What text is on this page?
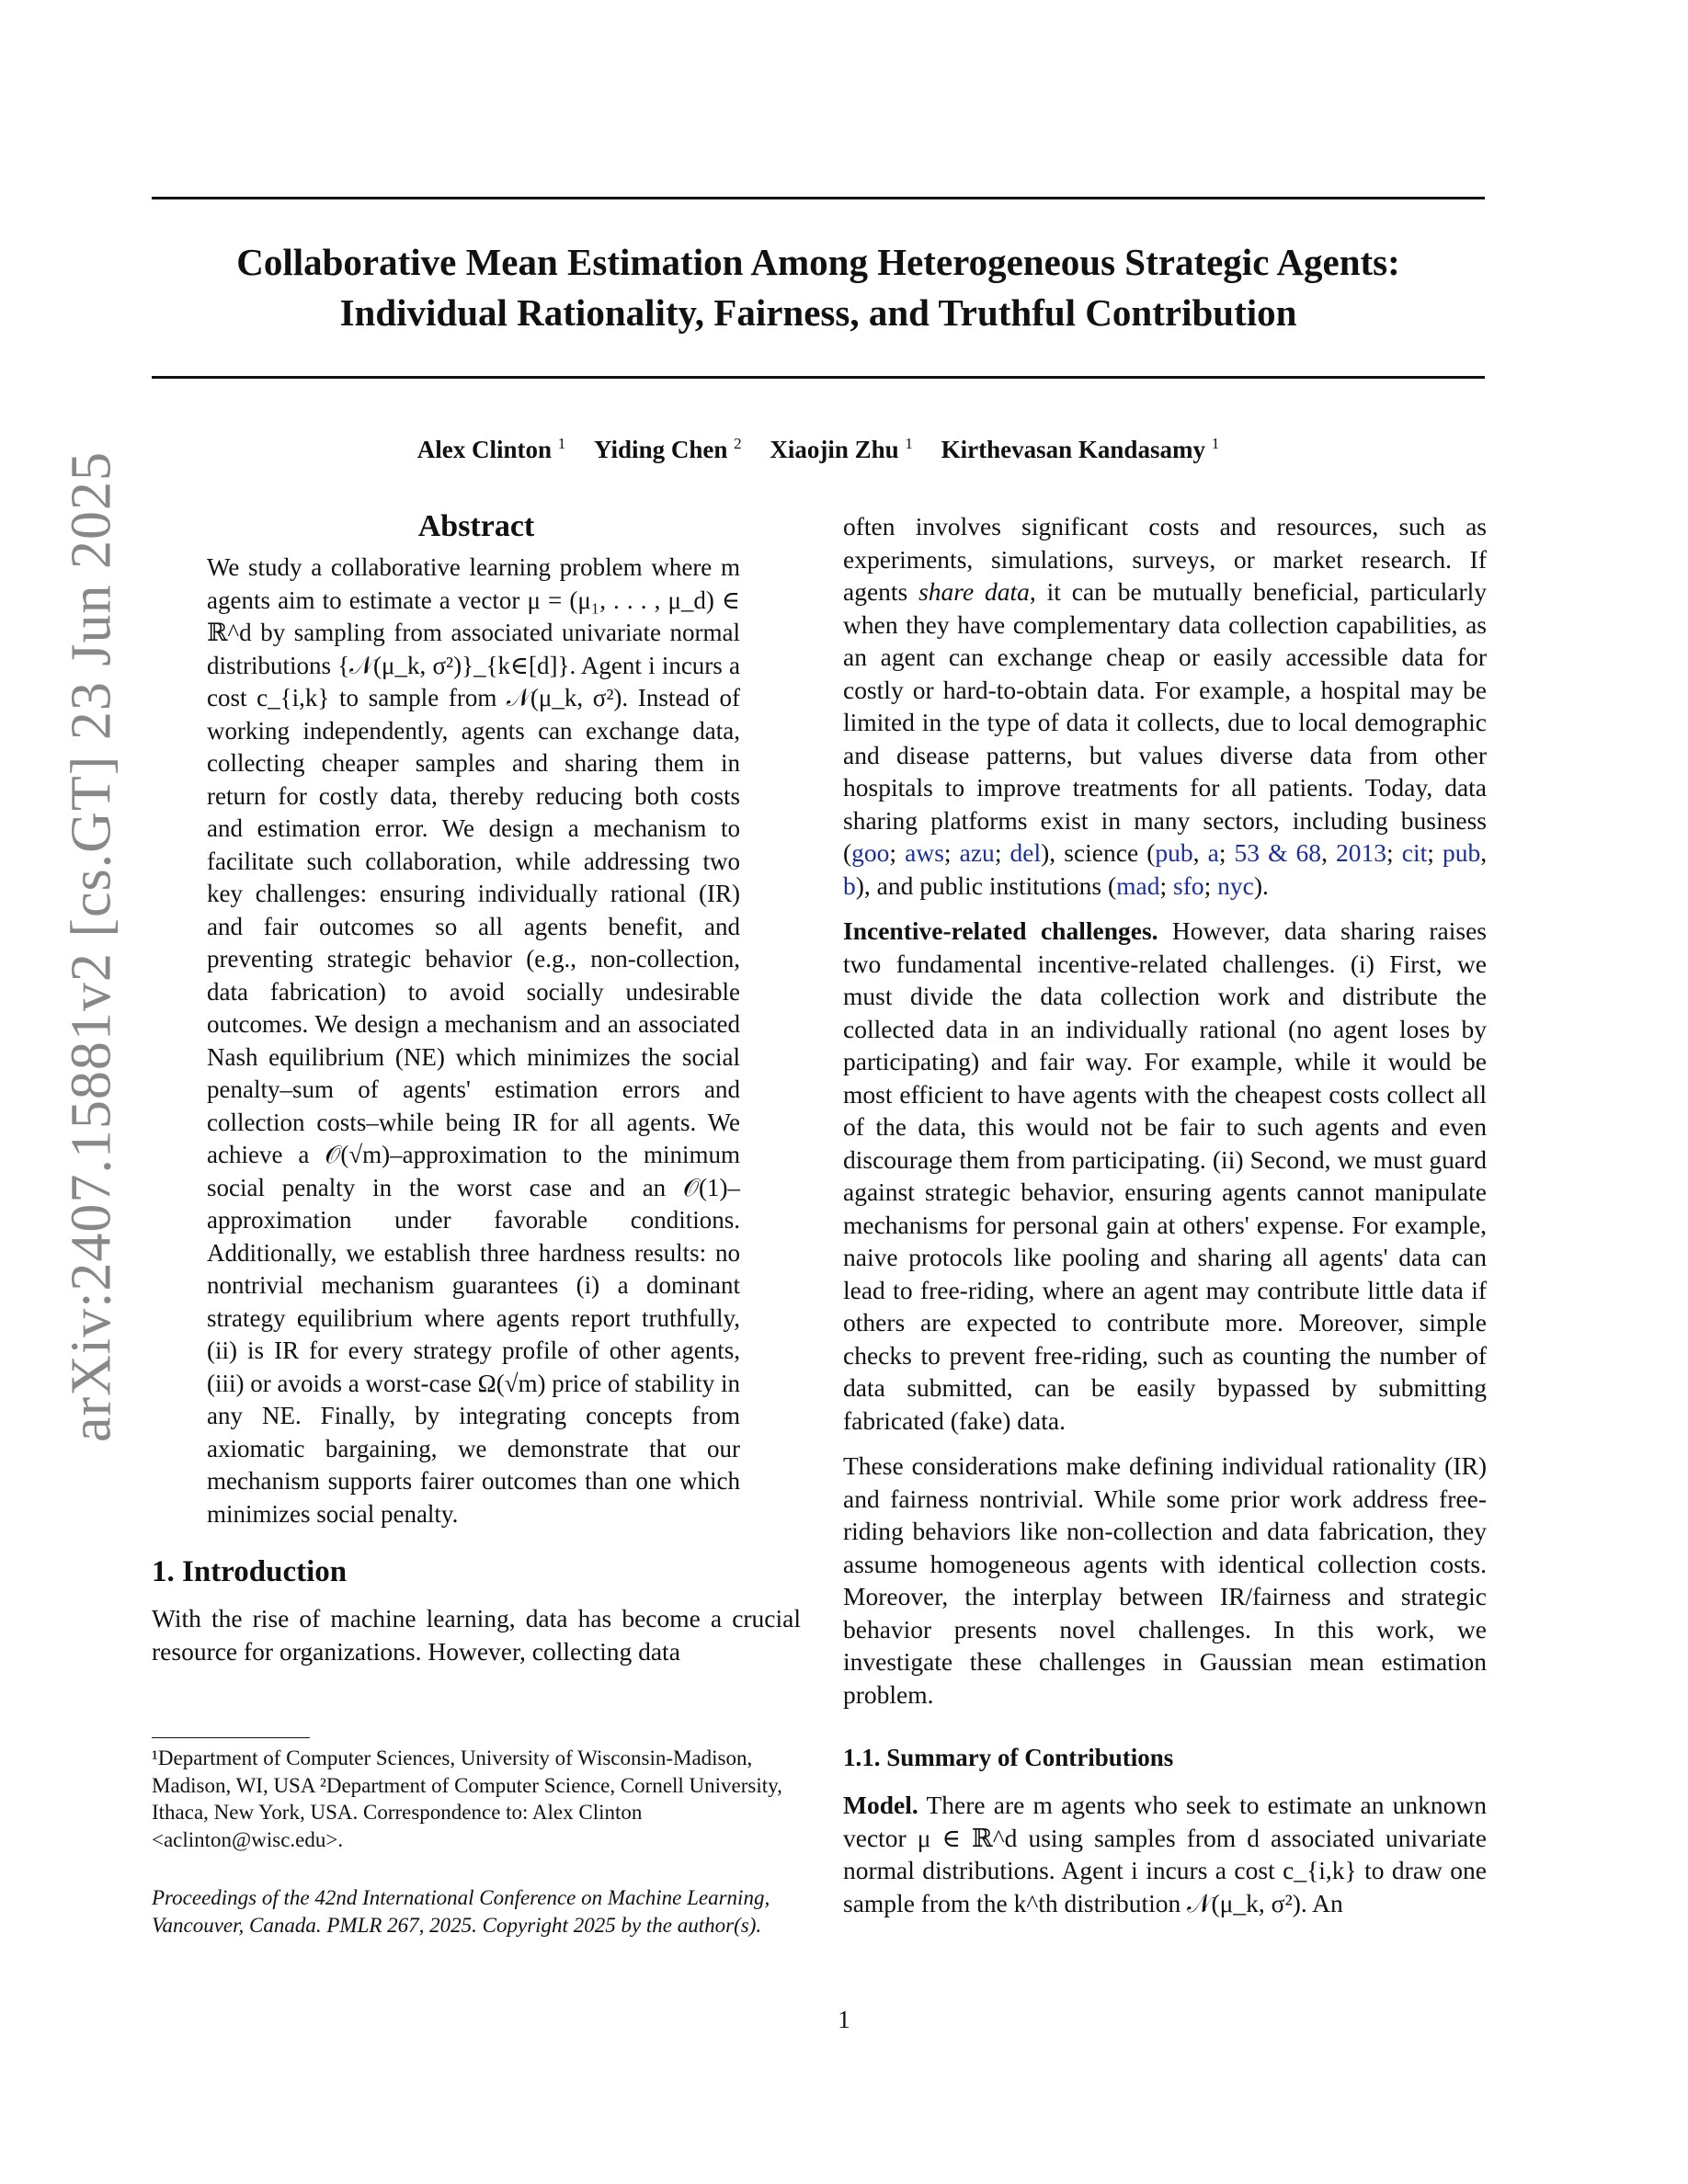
Collaborative Mean Estimation Among Heterogeneous Strategic Agents:
Individual Rationality, Fairness, and Truthful Contribution
Alex Clinton $^1$ Yiding Chen $^2$ Xiaojin Zhu $^1$ Kirthevasan Kandasamy $^1$
arXiv:2407.15881v2 [cs.GT] 23 Jun 2025	Abstract

We study a collaborative learning problem where m agents aim to estimate a vector μ = (μ₁, . . . , μ_d) ∈ ℝ^d by sampling from associated univariate normal distributions {𝒩(μ_k, σ²)}_{k∈[d]}. Agent i incurs a cost c_{i,k} to sample from 𝒩(μ_k, σ²). Instead of working independently, agents can exchange data, collecting cheaper samples and sharing them in return for costly data, thereby reducing both costs and estimation error. We design a mechanism to facilitate such collaboration, while addressing two key challenges: ensuring individually rational (IR) and fair outcomes so all agents benefit, and preventing strategic behavior (e.g., non-collection, data fabrication) to avoid socially undesirable outcomes. We design a mechanism and an associated Nash equilibrium (NE) which minimizes the social penalty–sum of agents' estimation errors and collection costs–while being IR for all agents. We achieve a 𝒪(√m)–approximation to the minimum social penalty in the worst case and an 𝒪(1)–approximation under favorable conditions. Additionally, we establish three hardness results: no nontrivial mechanism guarantees (i) a dominant strategy equilibrium where agents report truthfully, (ii) is IR for every strategy profile of other agents, (iii) or avoids a worst-case Ω(√m) price of stability in any NE. Finally, by integrating concepts from axiomatic bargaining, we demonstrate that our mechanism supports fairer outcomes than one which minimizes social penalty.

1. Introduction

With the rise of machine learning, data has become a crucial resource for organizations. However, collecting data

often involves significant costs and resources, such as experiments, simulations, surveys, or market research. If agents share data, it can be mutually beneficial, particularly when they have complementary data collection capabilities, as an agent can exchange cheap or easily accessible data for costly or hard-to-obtain data. For example, a hospital may be limited in the type of data it collects, due to local demographic and disease patterns, but values diverse data from other hospitals to improve treatments for all patients. Today, data sharing platforms exist in many sectors, including business (goo; aws; azu; del), science (pub, a; 53 & 68, 2013; cit; pub, b), and public institutions (mad; sfo; nyc).

Incentive-related challenges. However, data sharing raises two fundamental incentive-related challenges. (i) First, we must divide the data collection work and distribute the collected data in an individually rational (no agent loses by participating) and fair way. For example, while it would be most efficient to have agents with the cheapest costs collect all of the data, this would not be fair to such agents and even discourage them from participating. (ii) Second, we must guard against strategic behavior, ensuring agents cannot manipulate mechanisms for personal gain at others' expense. For example, naive protocols like pooling and sharing all agents' data can lead to free-riding, where an agent may contribute little data if others are expected to contribute more. Moreover, simple checks to prevent free-riding, such as counting the number of data submitted, can be easily bypassed by submitting fabricated (fake) data.

These considerations make defining individual rationality (IR) and fairness nontrivial. While some prior work address free-riding behaviors like non-collection and data fabrication, they assume homogeneous agents with identical collection costs. Moreover, the interplay between IR/fairness and strategic behavior presents novel challenges. In this work, we investigate these challenges in Gaussian mean estimation problem.

1.1. Summary of Contributions

Model. There are m agents who seek to estimate an unknown vector μ ∈ ℝ^d using samples from d associated univariate normal distributions. Agent i incurs a cost c_{i,k} to draw one sample from the k^th distribution 𝒩(μ_k, σ²). An

¹Department of Computer Sciences, University of Wisconsin-Madison, Madison, WI, USA ²Department of Computer Science, Cornell University, Ithaca, New York, USA. Correspondence to: Alex Clinton <aclinton@wisc.edu>.
Proceedings of the 42nd International Conference on Machine Learning, Vancouver, Canada. PMLR 267, 2025. Copyright 2025 by the author(s).
1
